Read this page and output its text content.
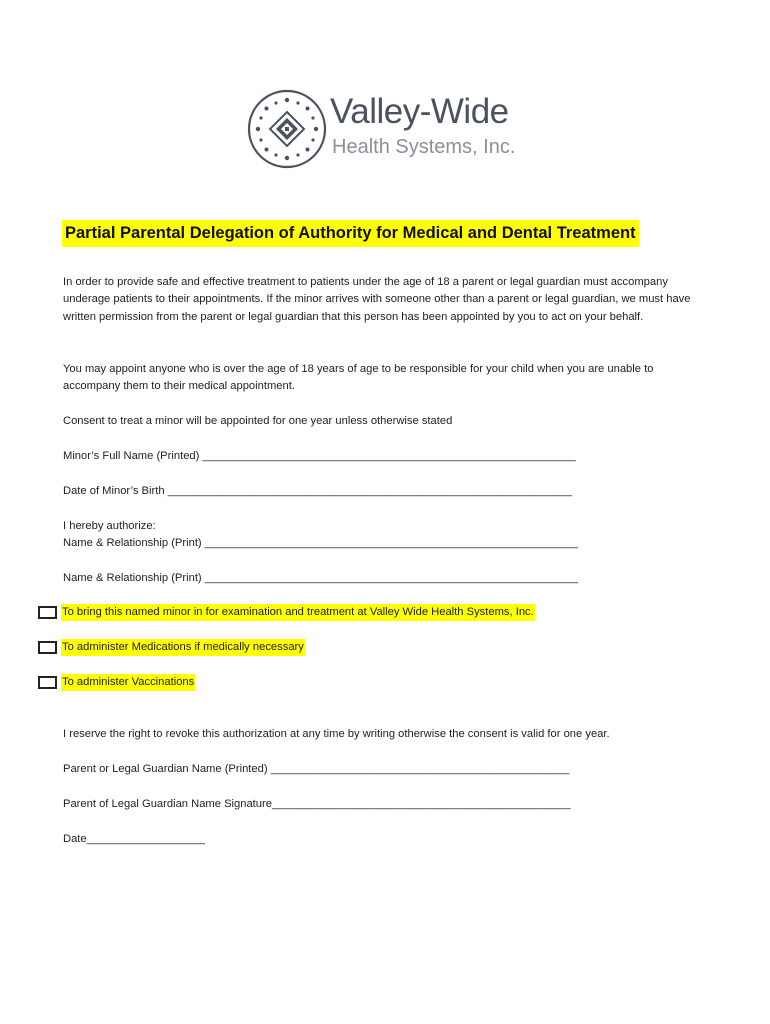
Valley-Wide
Health Systems, Inc.
Partial Parental Delegation of Authority for Medical and Dental Treatment
In order to provide safe and effective treatment to patients under the age of 18 a parent or legal guardian must accompany underage patients to their appointments. If the minor arrives with someone other than a parent or legal guardian, we must have written permission from the parent or legal guardian that this person has been appointed by you to act on your behalf.
You may appoint anyone who is over the age of 18 years of age to be responsible for your child when you are unable to accompany them to their medical appointment.
Consent to treat a minor will be appointed for one year unless otherwise stated
Minor’s Full Name (Printed) ____________________________________________________________
Date of Minor’s Birth _________________________________________________________________
I hereby authorize:
Name & Relationship (Print) ____________________________________________________________
Name & Relationship (Print) ____________________________________________________________
To bring this named minor in for examination and treatment at Valley Wide Health Systems, Inc.
To administer Medications if medically necessary
To administer Vaccinations
I reserve the right to revoke this authorization at any time by writing otherwise the consent is valid for one year.
Parent or Legal Guardian Name (Printed) ________________________________________________
Parent of Legal Guardian Name Signature________________________________________________
Date___________________
